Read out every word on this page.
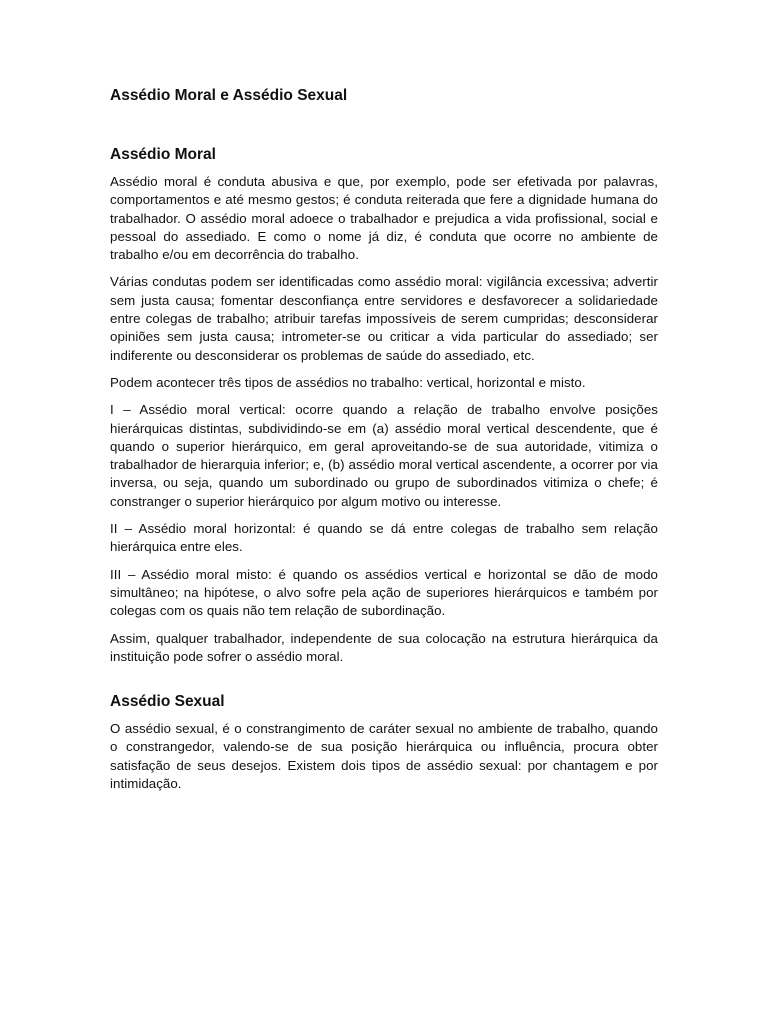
Assédio Moral e Assédio Sexual
Assédio Moral

Assédio moral é conduta abusiva e que, por exemplo, pode ser efetivada por palavras, comportamentos e até mesmo gestos; é conduta reiterada que fere a dignidade humana do trabalhador. O assédio moral adoece o trabalhador e prejudica a vida profissional, social e pessoal do assediado. E como o nome já diz, é conduta que ocorre no ambiente de trabalho e/ou em decorrência do trabalho.

Várias condutas podem ser identificadas como assédio moral: vigilância excessiva; advertir sem justa causa; fomentar desconfiança entre servidores e desfavorecer a solidariedade entre colegas de trabalho; atribuir tarefas impossíveis de serem cumpridas; desconsiderar opiniões sem justa causa; intrometer-se ou criticar a vida particular do assediado; ser indiferente ou desconsiderar os problemas de saúde do assediado, etc.

Podem acontecer três tipos de assédios no trabalho: vertical, horizontal e misto.

I – Assédio moral vertical: ocorre quando a relação de trabalho envolve posições hierárquicas distintas, subdividindo-se em (a) assédio moral vertical descendente, que é quando o superior hierárquico, em geral aproveitando-se de sua autoridade, vitimiza o trabalhador de hierarquia inferior; e, (b) assédio moral vertical ascendente, a ocorrer por via inversa, ou seja, quando um subordinado ou grupo de subordinados vitimiza o chefe; é constranger o superior hierárquico por algum motivo ou interesse.

II – Assédio moral horizontal: é quando se dá entre colegas de trabalho sem relação hierárquica entre eles.

III – Assédio moral misto: é quando os assédios vertical e horizontal se dão de modo simultâneo; na hipótese, o alvo sofre pela ação de superiores hierárquicos e também por colegas com os quais não tem relação de subordinação.

Assim, qualquer trabalhador, independente de sua colocação na estrutura hierárquica da instituição pode sofrer o assédio moral.

Assédio Sexual

O assédio sexual, é o constrangimento de caráter sexual no ambiente de trabalho, quando o constrangedor, valendo-se de sua posição hierárquica ou influência, procura obter satisfação de seus desejos. Existem dois tipos de assédio sexual: por chantagem e por intimidação.
